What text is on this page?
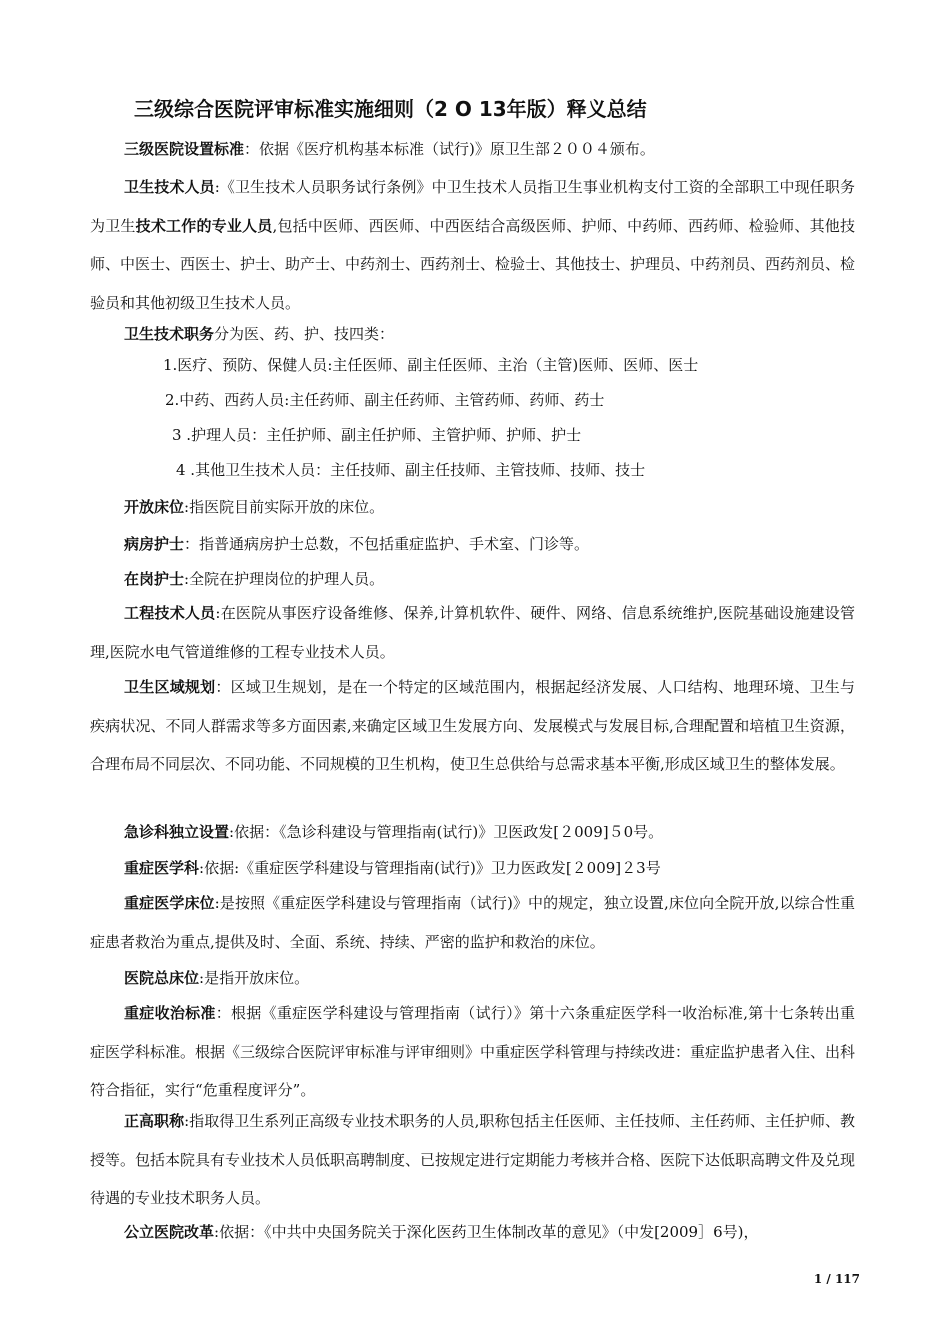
三级综合医院评审标准实施细则（2 O 13年版）释义总结

三级医院设置标准：依据《医疗机构基本标准（试行)》原卫生部２００４颁布。

卫生技术人员:《卫生技术人员职务试行条例》中卫生技术人员指卫生事业机构支付工资的全部职工中现任职务为卫生技术工作的专业人员,包括中医师、西医师、中西医结合高级医师、护师、中药师、西药师、检验师、其他技师、中医士、西医士、护士、助产士、中药剂士、西药剂士、检验士、其他技士、护理员、中药剂员、西药剂员、检验员和其他初级卫生技术人员。

卫生技术职务分为医、药、护、技四类：

1.医疗、预防、保健人员:主任医师、副主任医师、主治（主管)医师、医师、医士
2.中药、西药人员:主任药师、副主任药师、主管药师、药师、药士
3 .护理人员：主任护师、副主任护师、主管护师、护师、护士
4 .其他卫生技术人员：主任技师、副主任技师、主管技师、技师、技士

开放床位:指医院目前实际开放的床位。

病房护士：指普通病房护士总数，不包括重症监护、手术室、门诊等。

在岗护士:全院在护理岗位的护理人员。

工程技术人员:在医院从事医疗设备维修、保养,计算机软件、硬件、网络、信息系统维护,医院基础设施建设管理,医院水电气管道维修的工程专业技术人员。

卫生区域规划：区域卫生规划，是在一个特定的区域范围内，根据起经济发展、人口结构、地理环境、卫生与疾病状况、不同人群需求等多方面因素,来确定区域卫生发展方向、发展模式与发展目标,合理配置和培植卫生资源，合理布局不同层次、不同功能、不同规模的卫生机构，使卫生总供给与总需求基本平衡,形成区域卫生的整体发展。

急诊科独立设置:依据：《急诊科建设与管理指南(试行)》卫医政发[２009]５0号。

重症医学科:依据:《重症医学科建设与管理指南(试行)》卫力医政发[２009]２3号

重症医学床位:是按照《重症医学科建设与管理指南（试行)》中的规定，独立设置,床位向全院开放,以综合性重症患者救治为重点,提供及时、全面、系统、持续、严密的监护和救治的床位。

医院总床位:是指开放床位。

重症收治标准：根据《重症医学科建设与管理指南（试行）》第十六条重症医学科一收治标准,第十七条转出重症医学科标准。根据《三级综合医院评审标准与评审细则》中重症医学科管理与持续改进：重症监护患者入住、出科符合指征，实行“危重程度评分”。

正高职称:指取得卫生系列正高级专业技术职务的人员,职称包括主任医师、主任技师、主任药师、主任护师、教授等。包括本院具有专业技术人员低职高聘制度、已按规定进行定期能力考核并合格、医院下达低职高聘文件及兑现待遇的专业技术职务人员。

公立医院改革:依据：《中共中央国务院关于深化医药卫生体制改革的意见》（中发[2009］6号)，

1 / 117
